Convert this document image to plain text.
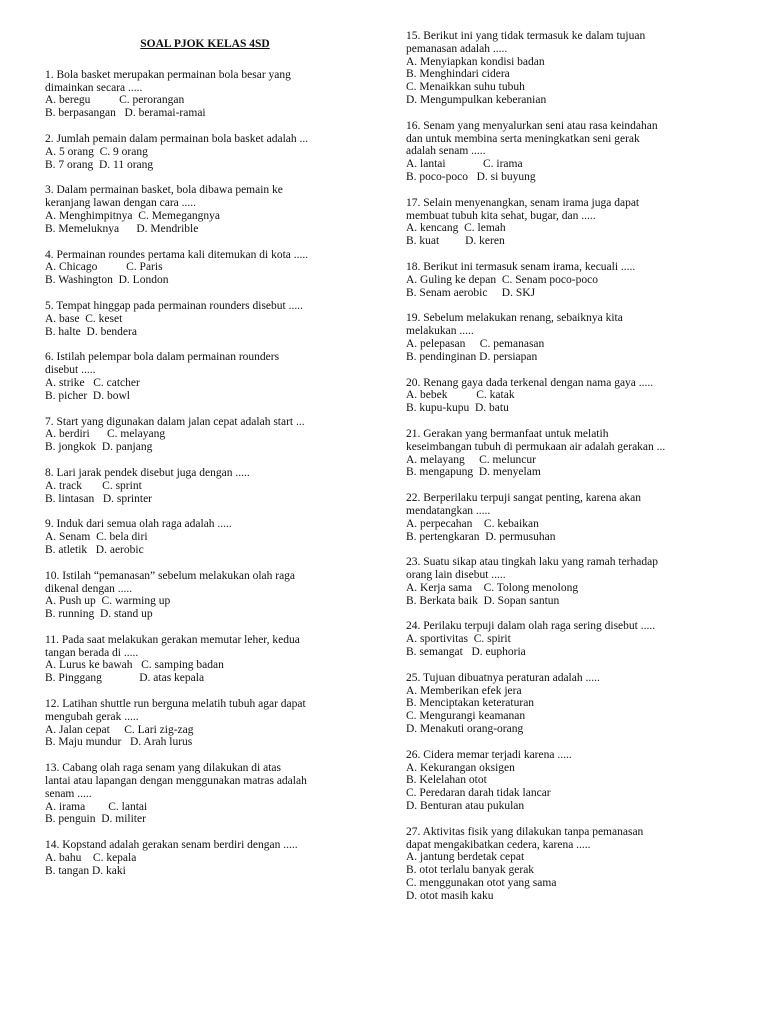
SOAL PJOK KELAS 4SD
1. Bola basket merupakan permainan bola besar yang
dimainkan secara .....
A. beregu          C. perorangan
B. berpasangan   D. beramai-ramai
2. Jumlah pemain dalam permainan bola basket adalah ...
A. 5 orang  C. 9 orang
B. 7 orang  D. 11 orang
3. Dalam permainan basket, bola dibawa pemain ke
keranjang lawan dengan cara .....
A. Menghimpitnya  C. Memegangnya
B. Memeluknya      D. Mendrible
4. Permainan roundes pertama kali ditemukan di kota .....
A. Chicago          C. Paris
B. Washington  D. London
5. Tempat hinggap pada permainan rounders disebut .....
A. base  C. keset
B. halte  D. bendera
6. Istilah pelempar bola dalam permainan rounders
disebut .....
A. strike   C. catcher
B. picher  D. bowl
7. Start yang digunakan dalam jalan cepat adalah start ...
A. berdiri      C. melayang
B. jongkok  D. panjang
8. Lari jarak pendek disebut juga dengan .....
A. track       C. sprint
B. lintasan   D. sprinter
9. Induk dari semua olah raga adalah .....
A. Senam  C. bela diri
B. atletik   D. aerobic
10. Istilah “pemanasan” sebelum melakukan olah raga
dikenal dengan .....
A. Push up  C. warming up
B. running  D. stand up
11. Pada saat melakukan gerakan memutar leher, kedua
tangan berada di .....
A. Lurus ke bawah   C. samping badan
B. Pinggang             D. atas kepala
12. Latihan shuttle run berguna melatih tubuh agar dapat
mengubah gerak .....
A. Jalan cepat     C. Lari zig-zag
B. Maju mundur   D. Arah lurus
13. Cabang olah raga senam yang dilakukan di atas
lantai atau lapangan dengan menggunakan matras adalah
senam .....
A. irama        C. lantai
B. penguin  D. militer
14. Kopstand adalah gerakan senam berdiri dengan .....
A. bahu    C. kepala
B. tangan D. kaki
15. Berikut ini yang tidak termasuk ke dalam tujuan
pemanasan adalah .....
A. Menyiapkan kondisi badan
B. Menghindari cidera
C. Menaikkan suhu tubuh
D. Mengumpulkan keberanian
16. Senam yang menyalurkan seni atau rasa keindahan
dan untuk membina serta meningkatkan seni gerak
adalah senam .....
A. lantai             C. irama
B. poco-poco   D. si buyung
17. Selain menyenangkan, senam irama juga dapat
membuat tubuh kita sehat, bugar, dan .....
A. kencang  C. lemah
B. kuat         D. keren
18. Berikut ini termasuk senam irama, kecuali .....
A. Guling ke depan  C. Senam poco-poco
B. Senam aerobic     D. SKJ
19. Sebelum melakukan renang, sebaiknya kita
melakukan .....
A. pelepasan     C. pemanasan
B. pendinginan D. persiapan
20. Renang gaya dada terkenal dengan nama gaya .....
A. bebek          C. katak
B. kupu-kupu  D. batu
21. Gerakan yang bermanfaat untuk melatih
keseimbangan tubuh di permukaan air adalah gerakan ...
A. melayang     C. meluncur
B. mengapung  D. menyelam
22. Berperilaku terpuji sangat penting, karena akan
mendatangkan .....
A. perpecahan    C. kebaikan
B. pertengkaran  D. permusuhan
23. Suatu sikap atau tingkah laku yang ramah terhadap
orang lain disebut .....
A. Kerja sama    C. Tolong menolong
B. Berkata baik  D. Sopan santun
24. Perilaku terpuji dalam olah raga sering disebut .....
A. sportivitas  C. spirit
B. semangat   D. euphoria
25. Tujuan dibuatnya peraturan adalah .....
A. Memberikan efek jera
B. Menciptakan keteraturan
C. Mengurangi keamanan
D. Menakuti orang-orang
26. Cidera memar terjadi karena .....
A. Kekurangan oksigen
B. Kelelahan otot
C. Peredaran darah tidak lancar
D. Benturan atau pukulan
27. Aktivitas fisik yang dilakukan tanpa pemanasan
dapat mengakibatkan cedera, karena .....
A. jantung berdetak cepat
B. otot terlalu banyak gerak
C. menggunakan otot yang sama
D. otot masih kaku
